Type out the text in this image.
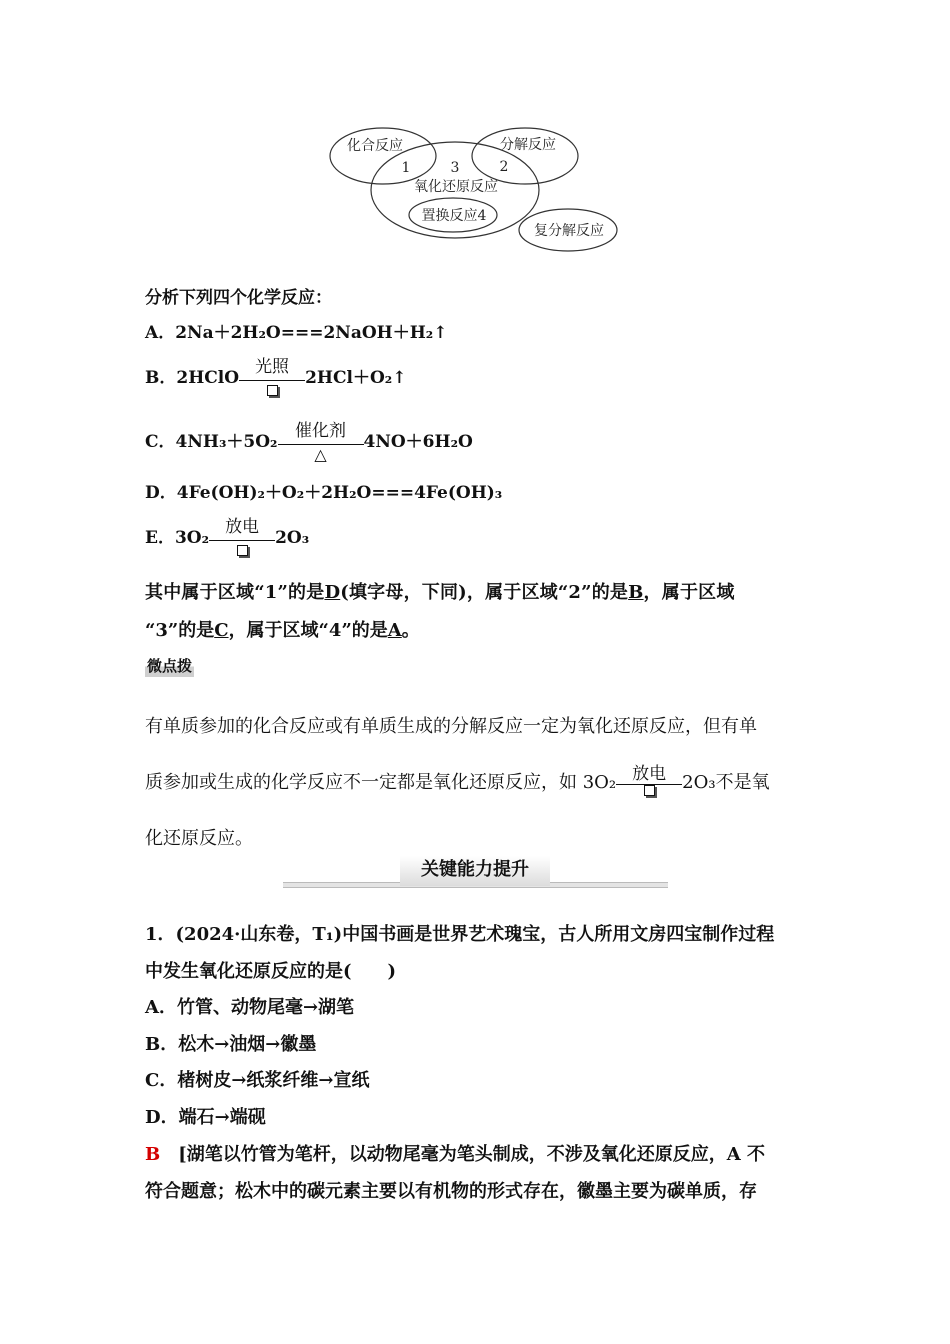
化合反应	分解反应
1	3	2
氧化还原反应
置换反应4
复分解反应
分析下列四个化学反应：
A．2Na＋2H₂O===2NaOH＋H₂↑
B．2HClO
光照
2HCl＋O₂↑
C．4NH₃＋5O₂
催化剂
△
4NO＋6H₂O
D．4Fe(OH)₂＋O₂＋2H₂O===4Fe(OH)₃
E．3O₂
放电
2O₃
其中属于区域“1”的是D(填字母，下同)，属于区域“2”的是B，属于区域
“3”的是C，属于区域“4”的是A。
微点拨
有单质参加的化合反应或有单质生成的分解反应一定为氧化还原反应，但有单
质参加或生成的化学反应不一定都是氧化还原反应，如 3O₂ 放电 2O₃不是氧
化还原反应。
关键能力提升
1．(2024·山东卷，T₁)中国书画是世界艺术瑰宝，古人所用文房四宝制作过程
中发生氧化还原反应的是(　　)
A．竹管、动物尾毫→湖笔
B．松木→油烟→徽墨
C．楮树皮→纸浆纤维→宣纸
D．端石→端砚
B　 [湖笔以竹管为笔杆，以动物尾毫为笔头制成，不涉及氧化还原反应，A 不
符合题意；松木中的碳元素主要以有机物的形式存在，徽墨主要为碳单质，存
